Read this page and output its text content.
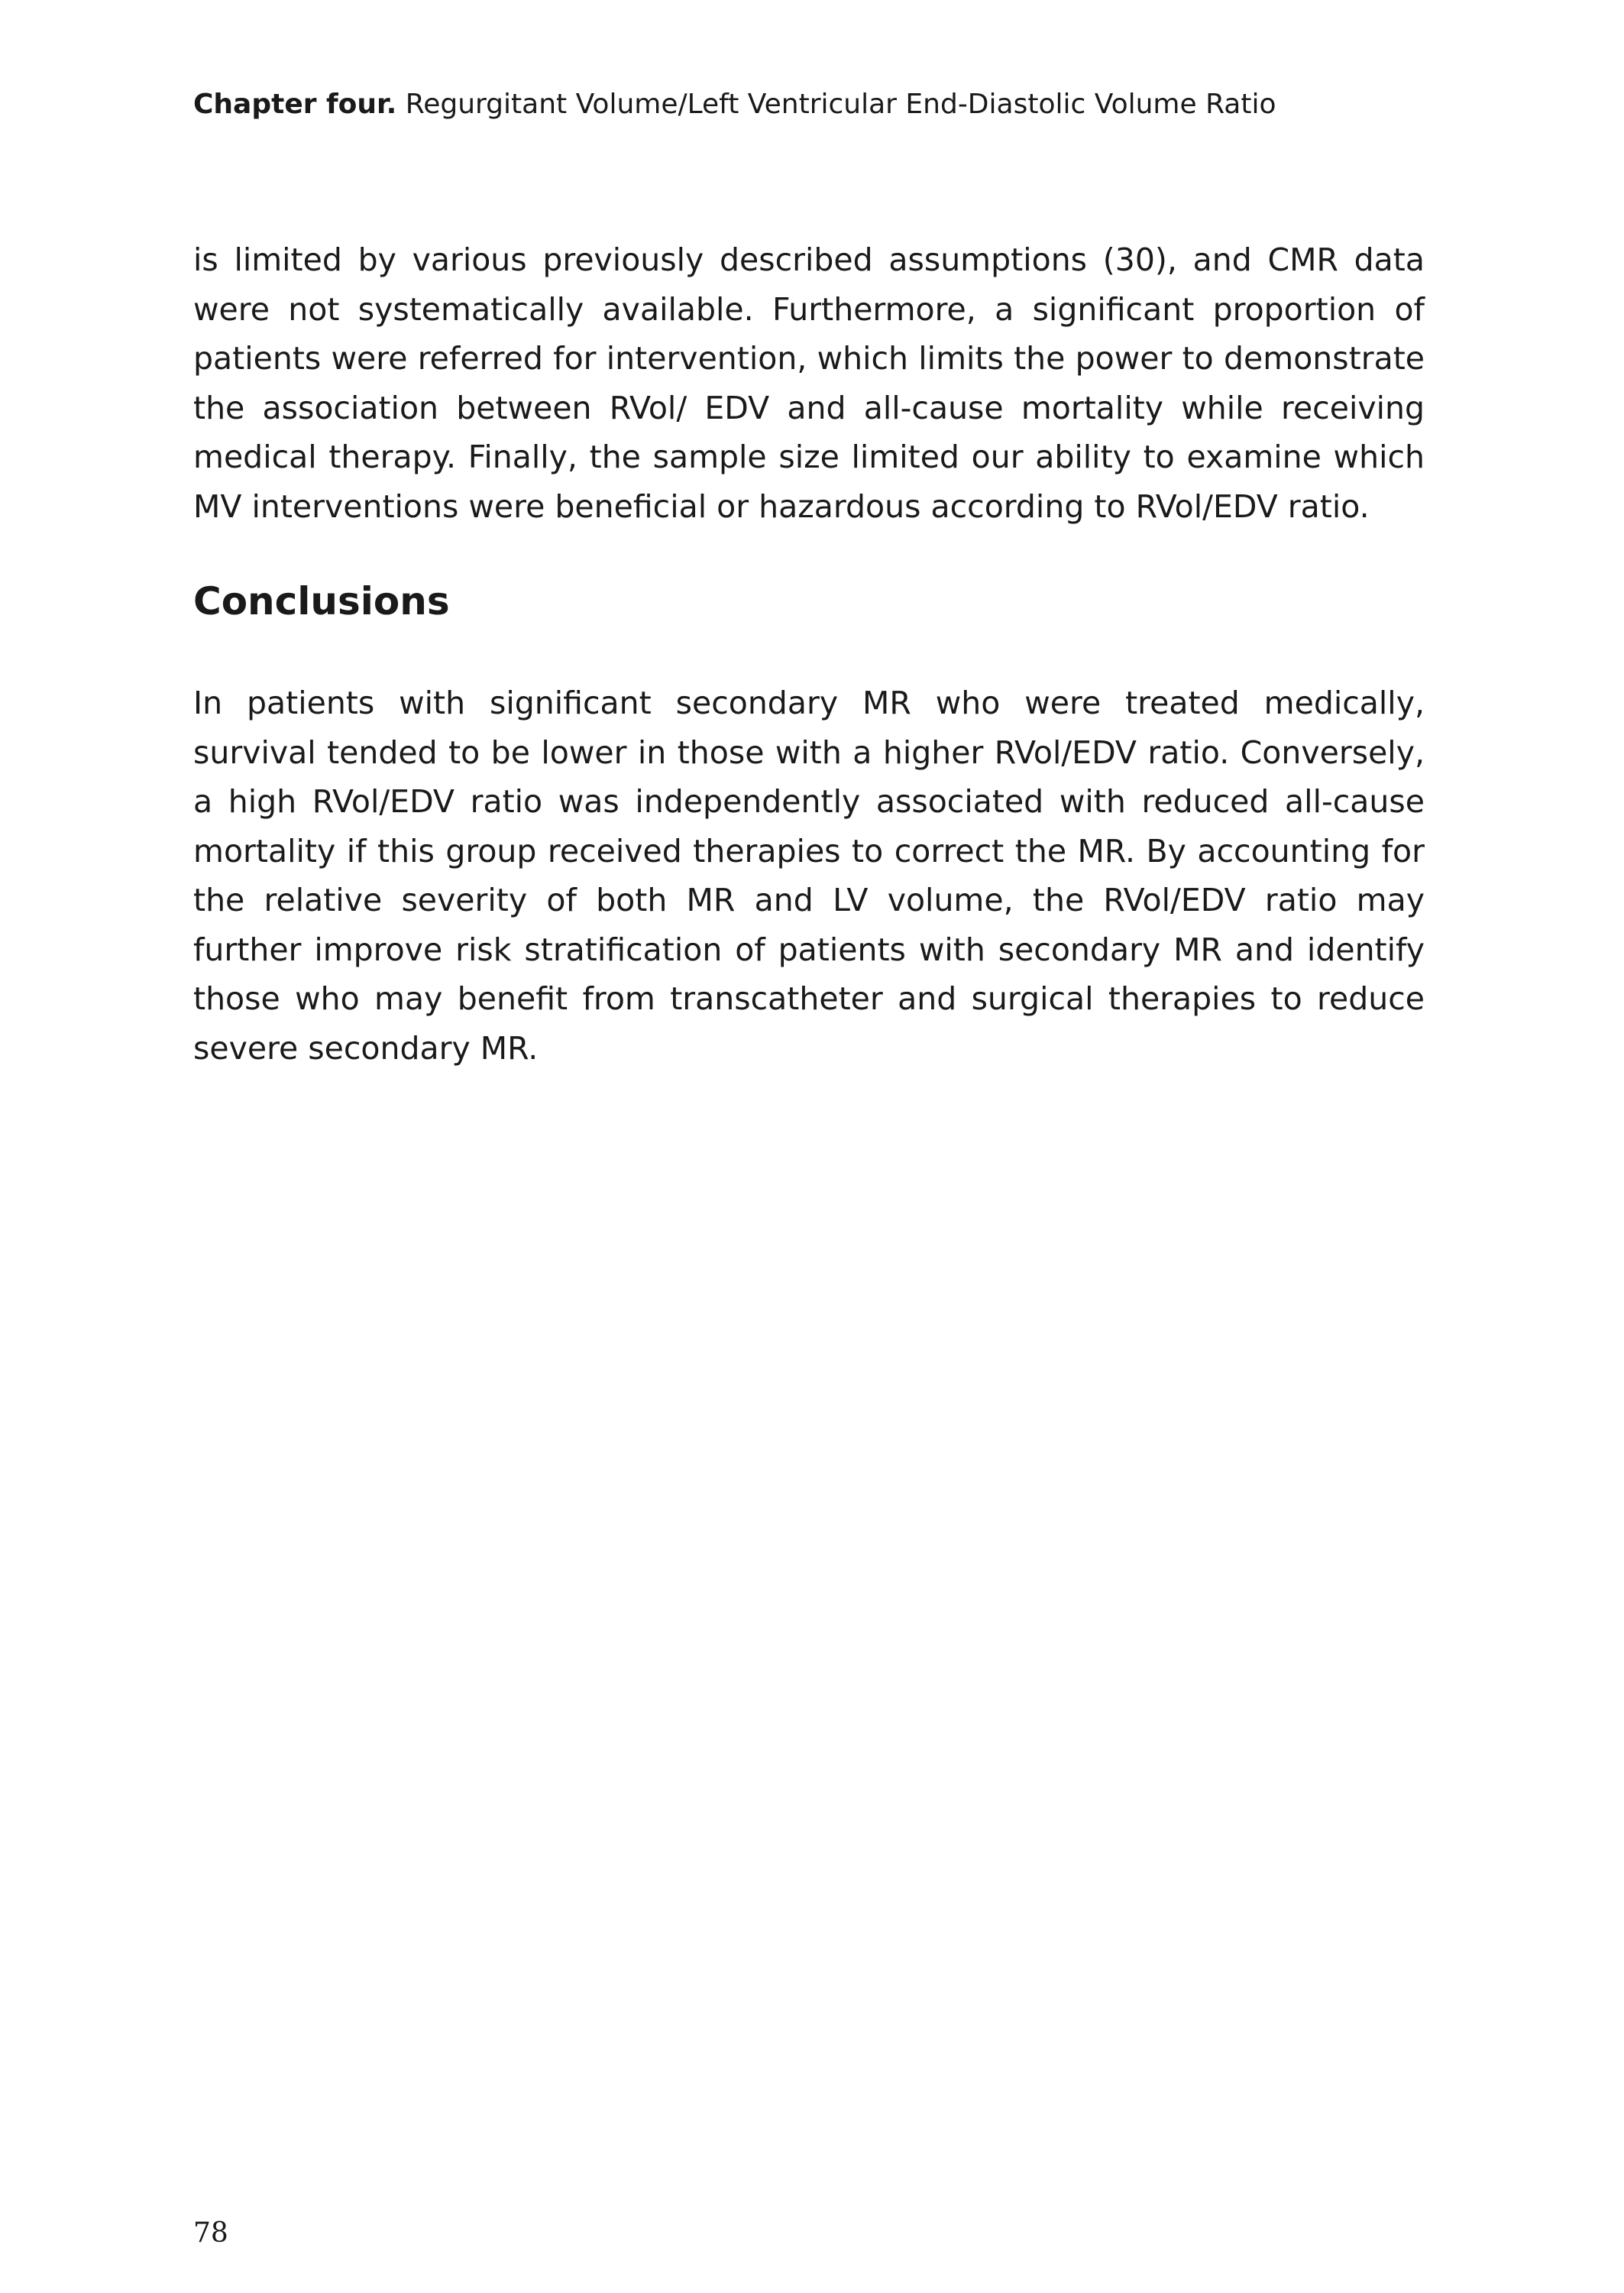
Chapter four. Regurgitant Volume/Left Ventricular End-Diastolic Volume Ratio

is limited by various previously described assumptions (30), and CMR data were not systematically available. Furthermore, a significant proportion of patients were referred for intervention, which limits the power to demonstrate the association between RVol/ EDV and all-cause mortality while receiving medical therapy. Finally, the sample size limited our ability to examine which MV interventions were beneficial or hazardous according to RVol/EDV ratio.

Conclusions

In patients with significant secondary MR who were treated medically, survival tended to be lower in those with a higher RVol/EDV ratio. Conversely, a high RVol/EDV ratio was independently associated with reduced all-cause mortality if this group received therapies to correct the MR. By accounting for the relative severity of both MR and LV volume, the RVol/EDV ratio may further improve risk stratification of patients with secondary MR and identify those who may benefit from transcatheter and surgical therapies to reduce severe secondary MR.

78
